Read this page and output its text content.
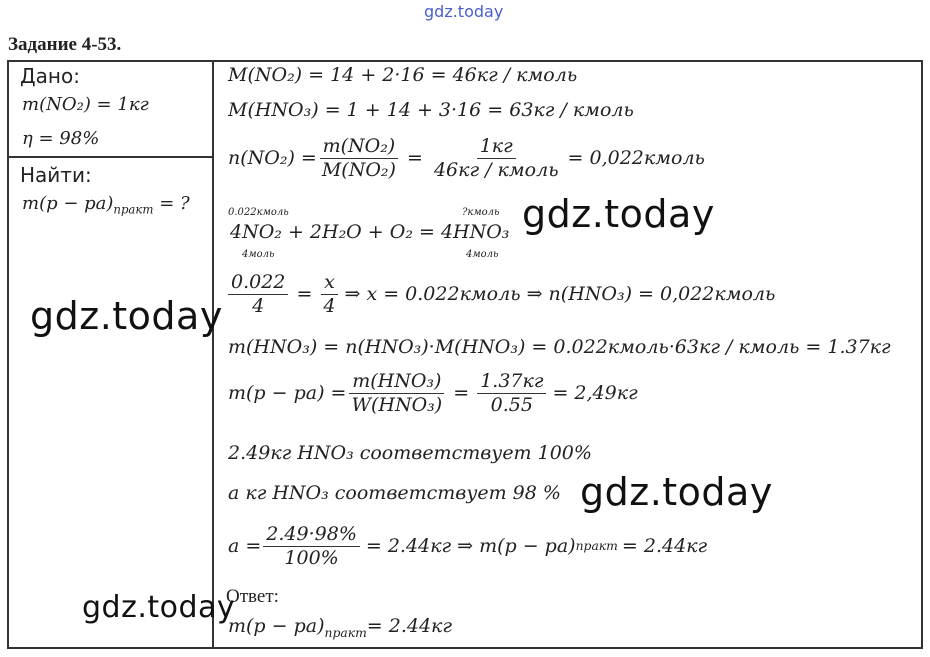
gdz.today
Задание 4-53.
Дано:
m(NO₂) = 1кг
η = 98%
Найти:
$m(p - pa)_{практ}$ = ?
M(NO₂) = 14 + 2·16 = 46кг / кмоль
M(HNO₃) = 1 + 14 + 3·16 = 63кг / кмоль
$n(NO_2) = \frac{\text{m(NO₂)}}{\text{M(NO₂)}} = \frac{1кг}{\text{46кг / кмоль}}$ = 0,022кмоль
0.022кмоль	?кмоль
4NO₂ + 2H₂O + O₂ = 4HNO₃
4моль	4моль
$\frac{0.022}{4} = \frac{x}{4}$ ⇒ x = 0.022кмоль ⇒ n(HNO₃) = 0,022кмоль
m(HNO₃) = n(HNO₃)·M(HNO₃) = 0.022кмоль·63кг / кмоль = 1.37кг
$m(p - pa) = \frac{\text{m(HNO₃)}}{\text{W(HNO₃)}} = \frac{1.37кг}{0.55} = 2,49кг$
2.49кг HNO₃ соответствует 100%
a кг HNO₃ соответствует 98 %
$a = \frac{2.49\cdot 98\%}{100\%} = 2.44кг$ ⇒ m(p − pa) практ = 2.44кг
Ответ:
$m(p - pa)_{практ}= 2.44кг$
gdz.today
gdz.today
gdz.today
gdz.today
